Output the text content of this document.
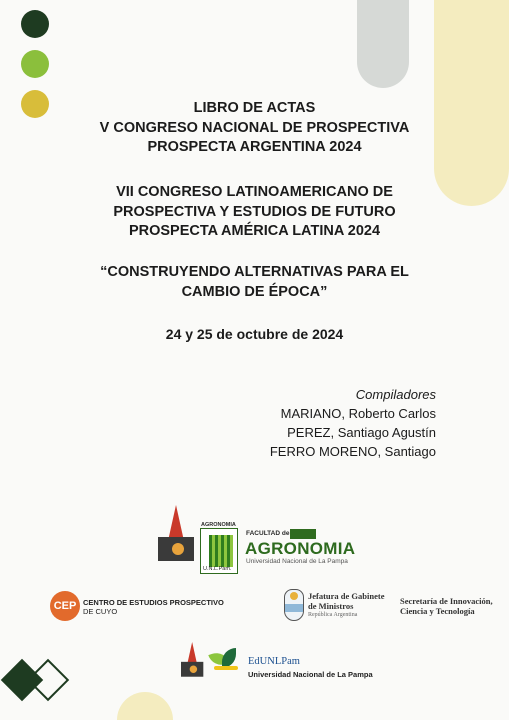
LIBRO DE ACTAS
V CONGRESO NACIONAL DE PROSPECTIVA
PROSPECTA ARGENTINA 2024
VII CONGRESO LATINOAMERICANO DE
PROSPECTIVA Y ESTUDIOS DE FUTURO
PROSPECTA AMÉRICA LATINA 2024
“CONSTRUYENDO ALTERNATIVAS PARA EL
CAMBIO DE ÉPOCA”
24 y 25 de octubre de 2024
Compiladores
MARIANO, Roberto Carlos
PEREZ, Santiago Agustín
FERRO MORENO, Santiago
AGRONOMIA
U.N.L.Pam.
FACULTAD de
AGRONOMIA
Universidad Nacional de La Pampa
CEP CENTRO DE ESTUDIOS PROSPECTIVO
DE CUYO
Jefatura de Gabinete
de Ministros
República Argentina
Secretaría de Innovación,
Ciencia y Tecnología
EdUNLPam
Universidad Nacional de La Pampa
